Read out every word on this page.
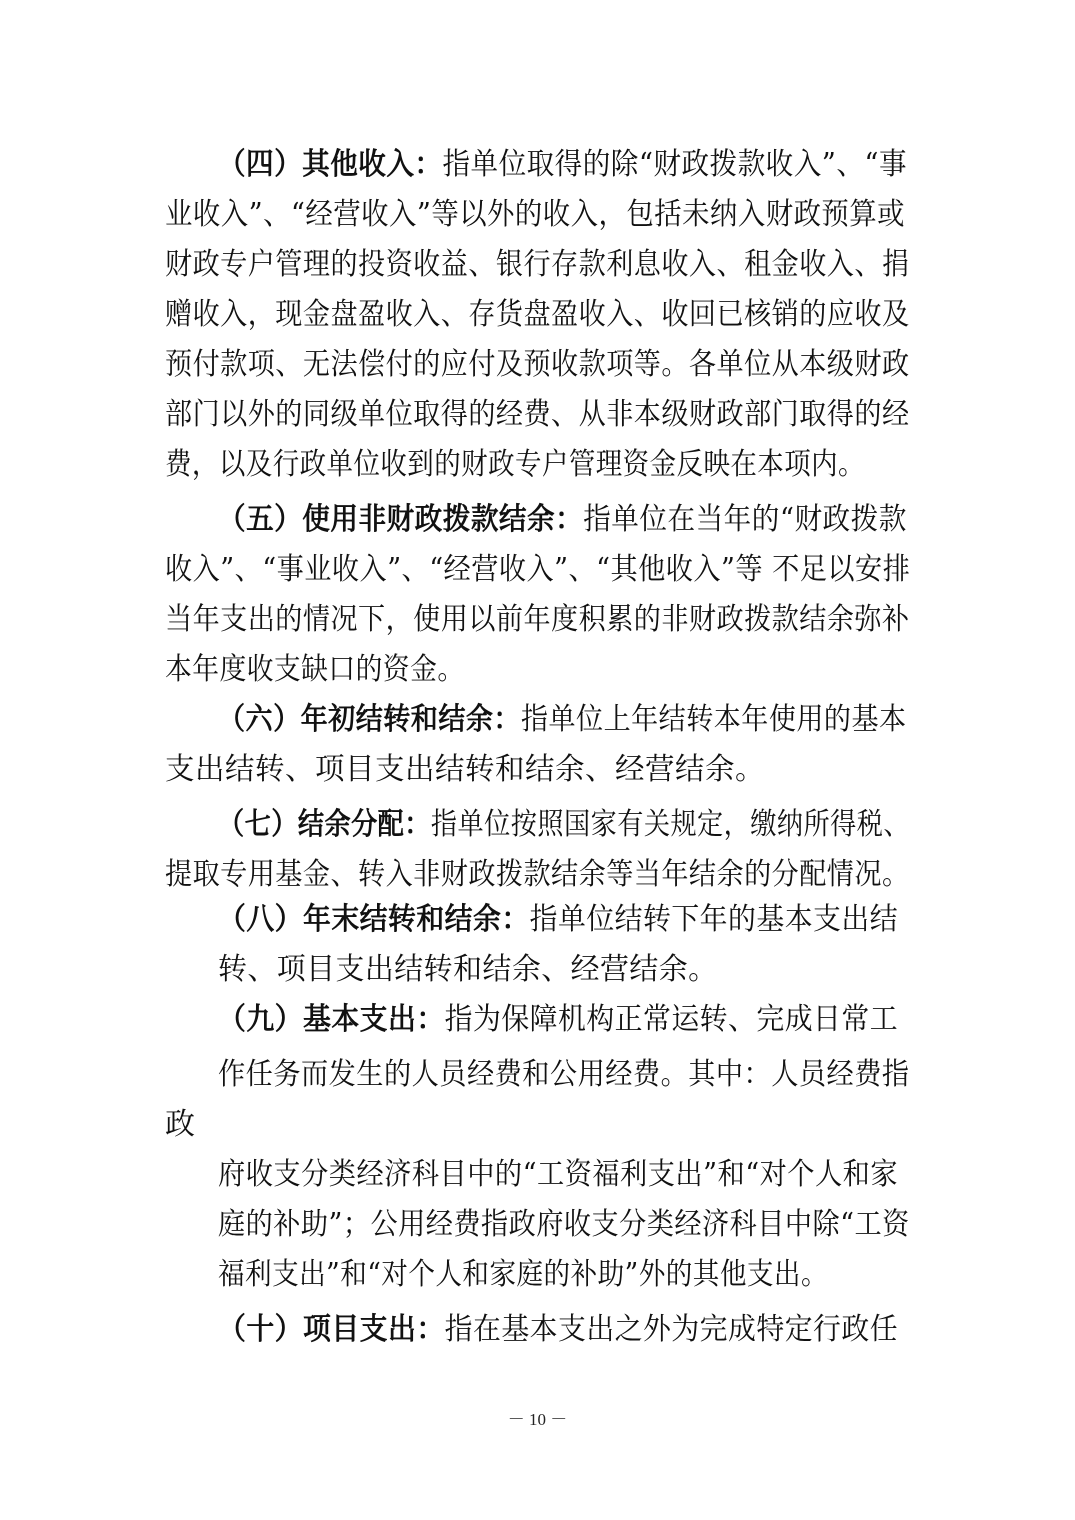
（四）其他收入：指单位取得的除“财政拨款收入”、“事
业收入”、“经营收入”等以外的收入，包括未纳入财政预算或
财政专户管理的投资收益、银行存款利息收入、租金收入、捐
赠收入，现金盘盈收入、存货盘盈收入、收回已核销的应收及
预付款项、无法偿付的应付及预收款项等。各单位从本级财政
部门以外的同级单位取得的经费、从非本级财政部门取得的经
费，以及行政单位收到的财政专户管理资金反映在本项内。
（五）使用非财政拨款结余：指单位在当年的“财政拨款
收入”、“事业收入”、“经营收入”、“其他收入”等 不足以安排
当年支出的情况下，使用以前年度积累的非财政拨款结余弥补
本年度收支缺口的资金。
（六）年初结转和结余：指单位上年结转本年使用的基本
支出结转、项目支出结转和结余、经营结余。
（七）结余分配：指单位按照国家有关规定，缴纳所得税、
提取专用基金、转入非财政拨款结余等当年结余的分配情况。
（八）年末结转和结余：指单位结转下年的基本支出结
转、项目支出结转和结余、经营结余。
（九）基本支出：指为保障机构正常运转、完成日常工
作任务而发生的人员经费和公用经费。其中：人员经费指
政
府收支分类经济科目中的“工资福利支出”和“对个人和家
庭的补助”；公用经费指政府收支分类经济科目中除“工资
福利支出”和“对个人和家庭的补助”外的其他支出。
（十）项目支出：指在基本支出之外为完成特定行政任
－ 10 －
